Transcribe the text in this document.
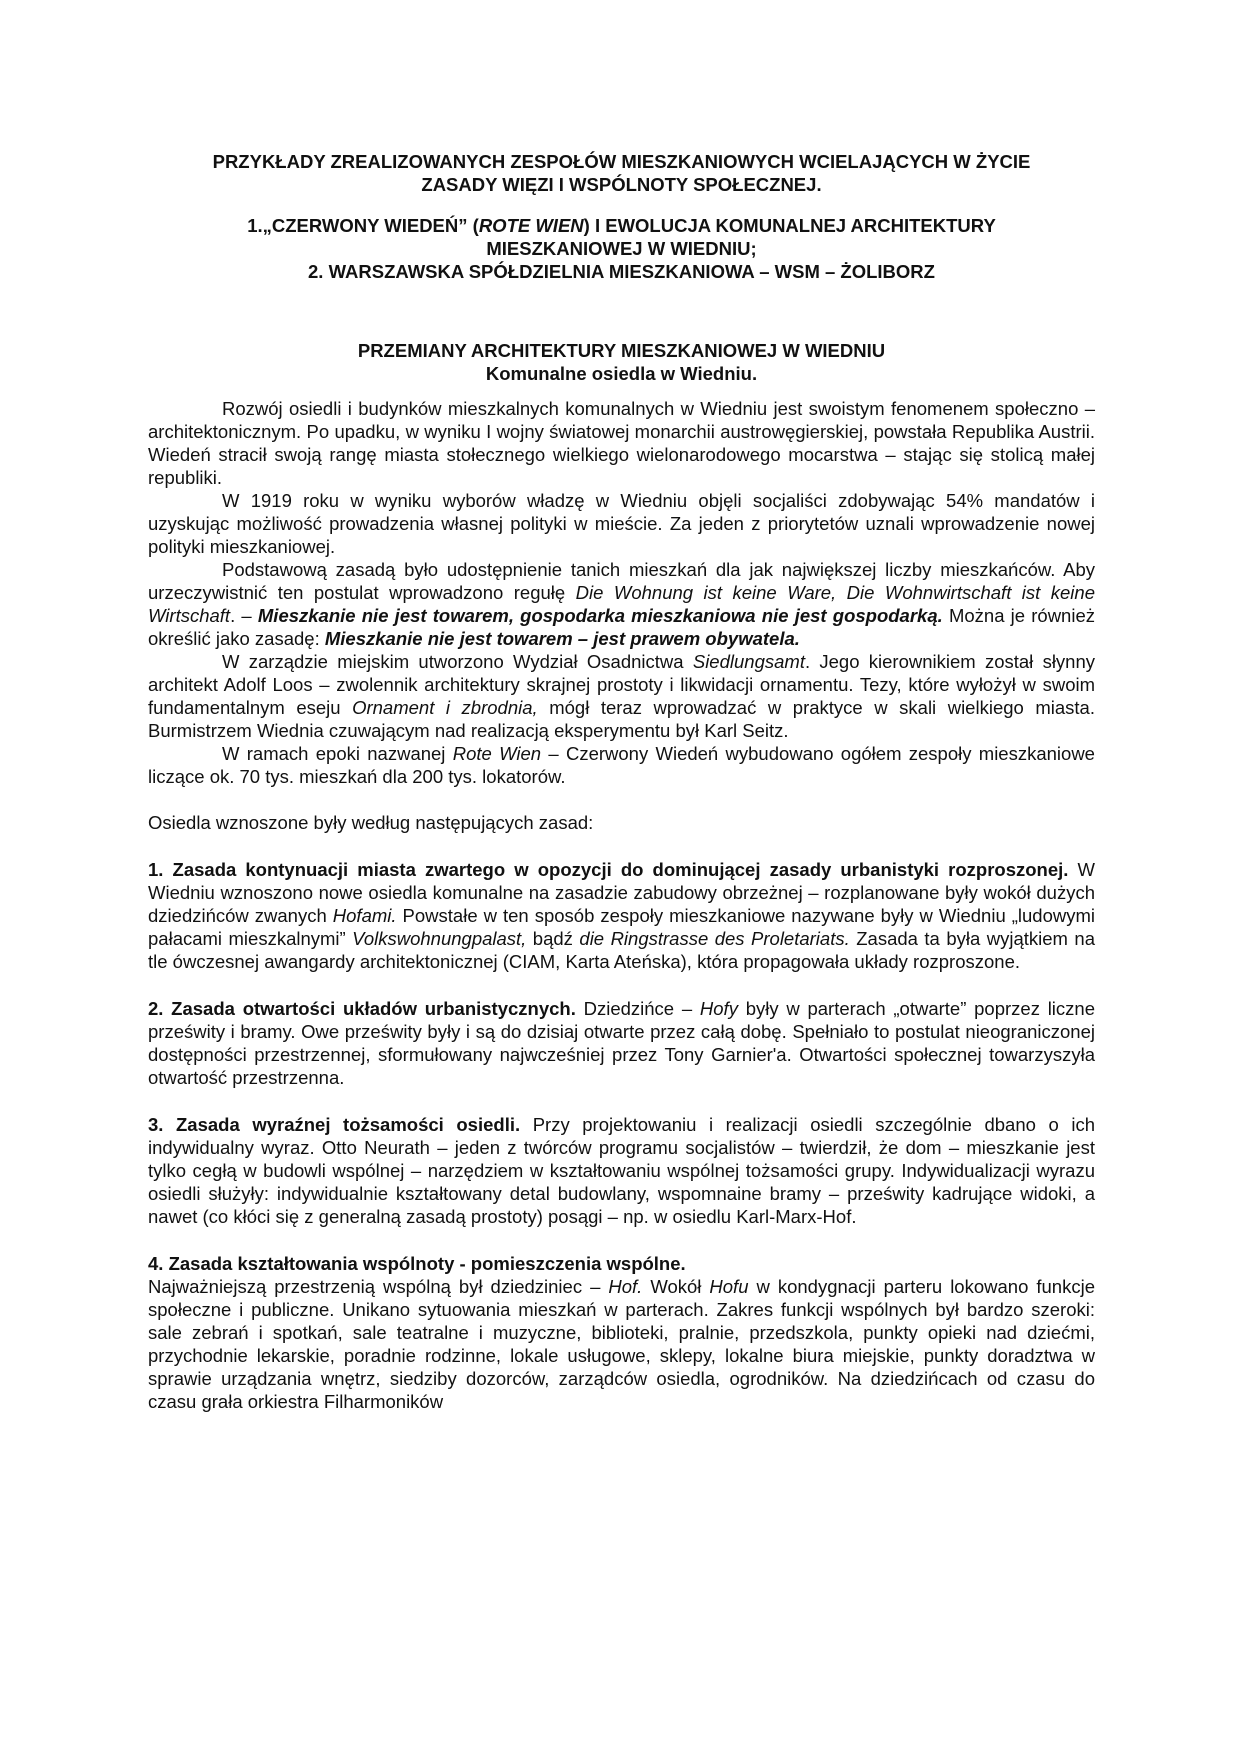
PRZYKŁADY ZREALIZOWANYCH ZESPOŁÓW MIESZKANIOWYCH WCIELAJĄCYCH W ŻYCIE

ZASADY WIĘZI I WSPÓLNOTY SPOŁECZNEJ.

1.„CZERWONY WIEDEŃ” (ROTE WIEN) I EWOLUCJA KOMUNALNEJ ARCHITEKTURY

MIESZKANIOWEJ W WIEDNIU;

2. WARSZAWSKA SPÓŁDZIELNIA MIESZKANIOWA – WSM – ŻOLIBORZ

PRZEMIANY ARCHITEKTURY MIESZKANIOWEJ W WIEDNIU

Komunalne osiedla w Wiedniu.

Rozwój osiedli i budynków mieszkalnych komunalnych w Wiedniu jest swoistym fenomenem społeczno – architektonicznym. Po upadku, w wyniku I wojny światowej monarchii austrowęgierskiej, powstała Republika Austrii. Wiedeń stracił swoją rangę miasta stołecznego wielkiego wielonarodowego mocarstwa – stając się stolicą małej republiki.

W 1919 roku w wyniku wyborów władzę w Wiedniu objęli socjaliści zdobywając 54% mandatów i uzyskując możliwość prowadzenia własnej polityki w mieście. Za jeden z priorytetów uznali wprowadzenie nowej polityki mieszkaniowej.

Podstawową zasadą było udostępnienie tanich mieszkań dla jak największej liczby mieszkańców. Aby urzeczywistnić ten postulat wprowadzono regułę Die Wohnung ist keine Ware, Die Wohnwirtschaft ist keine Wirtschaft. – Mieszkanie nie jest towarem, gospodarka mieszkaniowa nie jest gospodarką. Można je również określić jako zasadę: Mieszkanie nie jest towarem – jest prawem obywatela.

W zarządzie miejskim utworzono Wydział Osadnictwa Siedlungsamt. Jego kierownikiem został słynny architekt Adolf Loos – zwolennik architektury skrajnej prostoty i likwidacji ornamentu. Tezy, które wyłożył w swoim fundamentalnym eseju Ornament i zbrodnia, mógł teraz wprowadzać w praktyce w skali wielkiego miasta. Burmistrzem Wiednia czuwającym nad realizacją eksperymentu był Karl Seitz.

W ramach epoki nazwanej Rote Wien – Czerwony Wiedeń wybudowano ogółem zespoły mieszkaniowe liczące ok. 70 tys. mieszkań dla 200 tys. lokatorów.

Osiedla wznoszone były według następujących zasad:

1. Zasada kontynuacji miasta zwartego w opozycji do dominującej zasady urbanistyki rozproszonej. W Wiedniu wznoszono nowe osiedla komunalne na zasadzie zabudowy obrzeżnej – rozplanowane były wokół dużych dziedzińców zwanych Hofami. Powstałe w ten sposób zespoły mieszkaniowe nazywane były w Wiedniu „ludowymi pałacami mieszkalnymi” Volkswohnungpalast, bądź die Ringstrasse des Proletariats. Zasada ta była wyjątkiem na tle ówczesnej awangardy architektonicznej (CIAM, Karta Ateńska), która propagowała układy rozproszone.

2. Zasada otwartości układów urbanistycznych. Dziedzińce – Hofy były w parterach „otwarte” poprzez liczne prześwity i bramy. Owe prześwity były i są do dzisiaj otwarte przez całą dobę. Spełniało to postulat nieograniczonej dostępności przestrzennej, sformułowany najwcześniej przez Tony Garnier'a. Otwartości społecznej towarzyszyła otwartość przestrzenna.

3. Zasada wyraźnej tożsamości osiedli. Przy projektowaniu i realizacji osiedli szczególnie dbano o ich indywidualny wyraz. Otto Neurath – jeden z twórców programu socjalistów – twierdził, że dom – mieszkanie jest tylko cegłą w budowli wspólnej – narzędziem w kształtowaniu wspólnej tożsamości grupy. Indywidualizacji wyrazu osiedli służyły: indywidualnie kształtowany detal budowlany, wspomnaine bramy – prześwity kadrujące widoki, a nawet (co kłóci się z generalną zasadą prostoty) posągi – np. w osiedlu Karl-Marx-Hof.

4. Zasada kształtowania wspólnoty - pomieszczenia wspólne.

Najważniejszą przestrzenią wspólną był dziedziniec – Hof. Wokół Hofu w kondygnacji parteru lokowano funkcje społeczne i publiczne. Unikano sytuowania mieszkań w parterach. Zakres funkcji wspólnych był bardzo szeroki: sale zebrań i spotkań, sale teatralne i muzyczne, biblioteki, pralnie, przedszkola, punkty opieki nad dziećmi, przychodnie lekarskie, poradnie rodzinne, lokale usługowe, sklepy, lokalne biura miejskie, punkty doradztwa w sprawie urządzania wnętrz, siedziby dozorców, zarządców osiedla, ogrodników. Na dziedzińcach od czasu do czasu grała orkiestra Filharmoników
